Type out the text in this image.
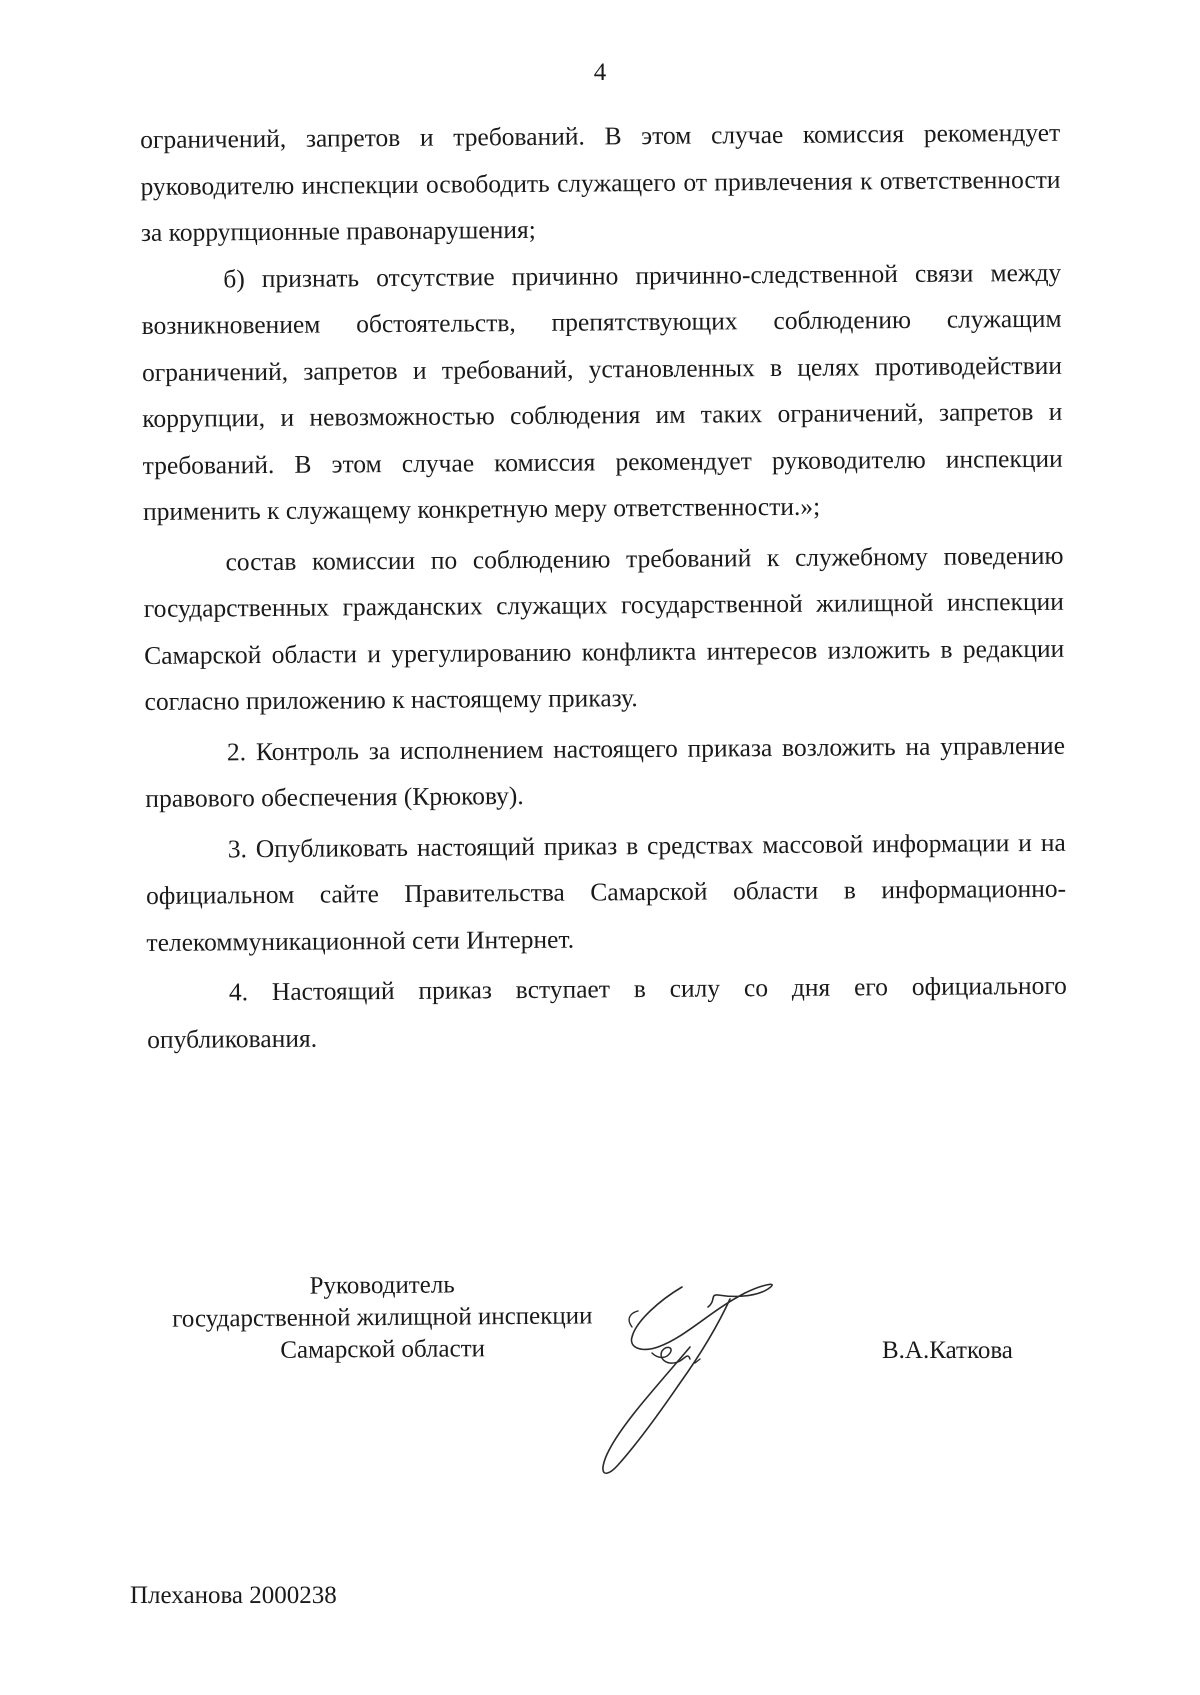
4

ограничений, запретов и требований. В этом случае комиссия рекомендует руководителю инспекции освободить служащего от привлечения к ответственности за коррупционные правонарушения;

б) признать отсутствие причинно причинно-следственной связи между возникновением обстоятельств, препятствующих соблюдению служащим ограничений, запретов и требований, установленных в целях противодействии коррупции, и невозможностью соблюдения им таких ограничений, запретов и требований. В этом случае комиссия рекомендует руководителю инспекции применить к служащему конкретную меру ответственности.»;

состав комиссии по соблюдению требований к служебному поведению государственных гражданских служащих государственной жилищной инспекции Самарской области и урегулированию конфликта интересов изложить в редакции согласно приложению к настоящему приказу.

2. Контроль за исполнением настоящего приказа возложить на управление правового обеспечения (Крюкову).

3. Опубликовать настоящий приказ в средствах массовой информации и на официальном сайте Правительства Самарской области в информационно-телекоммуникационной сети Интернет.

4. Настоящий приказ вступает в силу со дня его официального опубликования.

Руководитель
государственной жилищной инспекции
Самарской области	В.А.Каткова
Плеханова 2000238
